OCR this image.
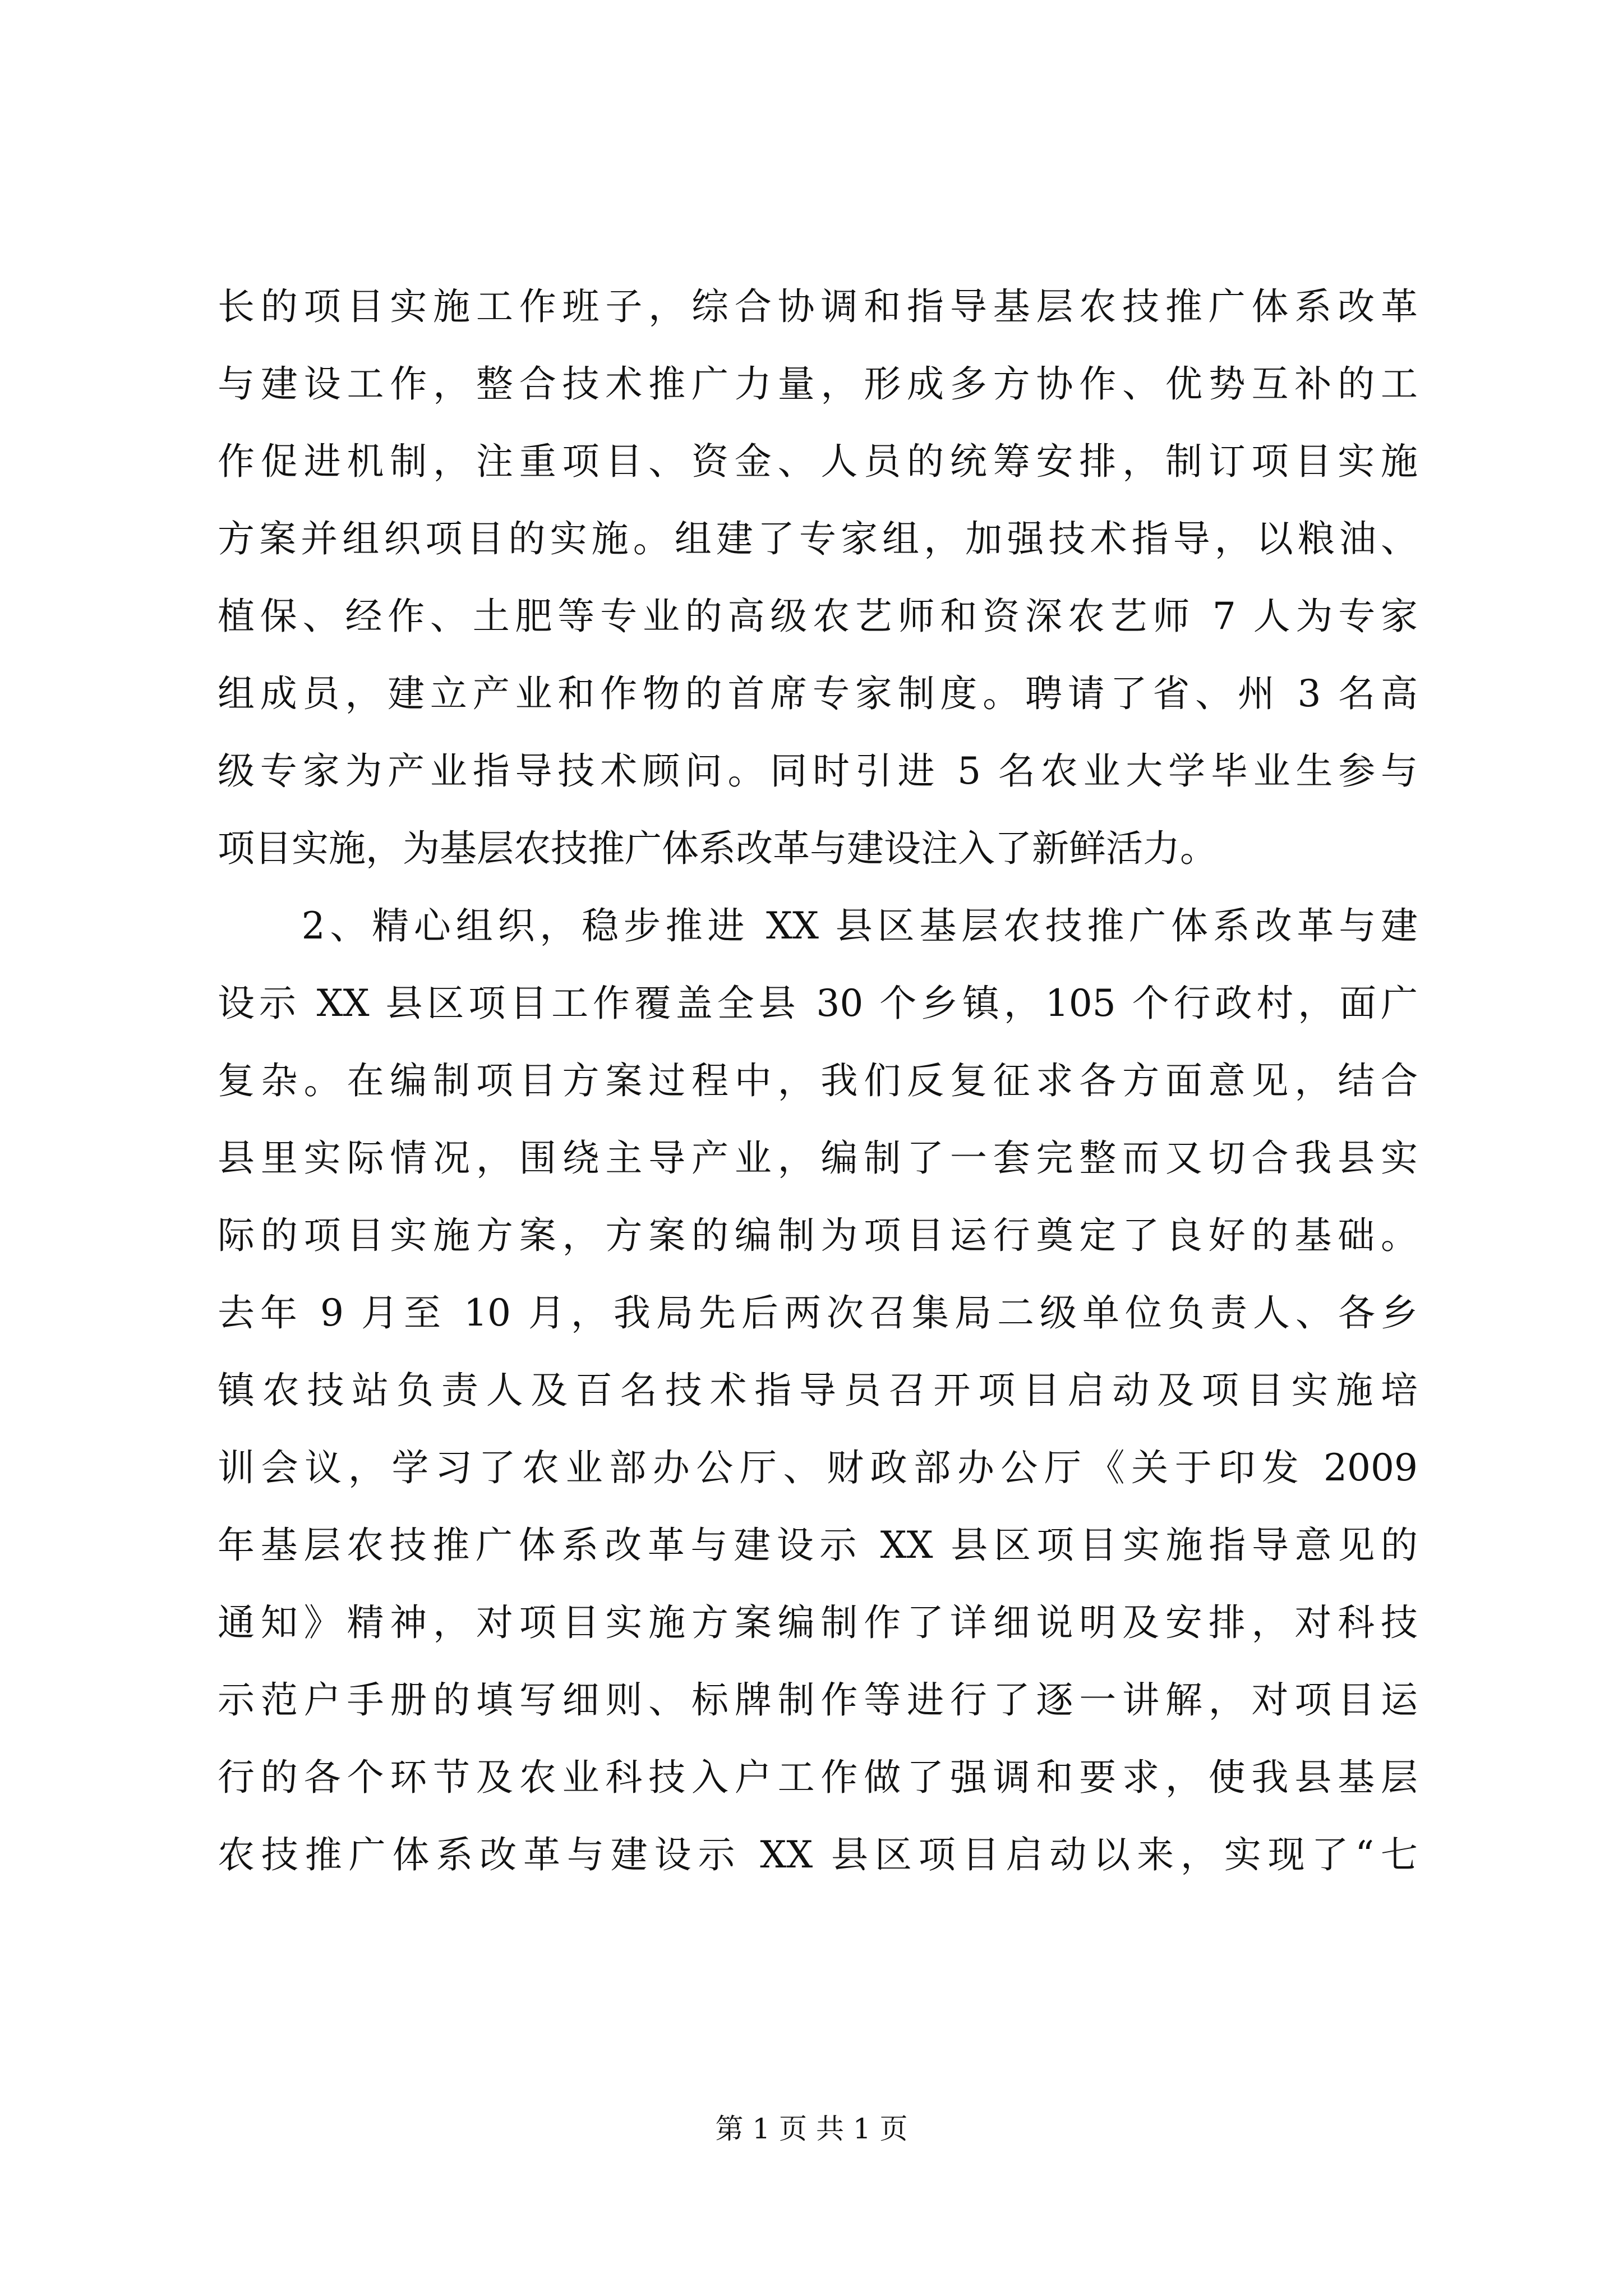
长的项目实施工作班子，综合协调和指导基层农技推广体系改革
与建设工作，整合技术推广力量，形成多方协作、优势互补的工
作促进机制，注重项目、资金、人员的统筹安排，制订项目实施
方案并组织项目的实施。组建了专家组，加强技术指导，以粮油、
植保、经作、土肥等专业的高级农艺师和资深农艺师 7 人为专家
组成员，建立产业和作物的首席专家制度。聘请了省、州 3 名高
级专家为产业指导技术顾问。同时引进 5 名农业大学毕业生参与
项目实施，为基层农技推广体系改革与建设注入了新鲜活力。
　　2、精心组织，稳步推进 XX 县区基层农技推广体系改革与建
设示 XX 县区项目工作覆盖全县 30 个乡镇，105 个行政村，面广
复杂。在编制项目方案过程中，我们反复征求各方面意见，结合
县里实际情况，围绕主导产业，编制了一套完整而又切合我县实
际的项目实施方案，方案的编制为项目运行奠定了良好的基础。
去年 9 月至 10 月，我局先后两次召集局二级单位负责人、各乡
镇农技站负责人及百名技术指导员召开项目启动及项目实施培
训会议，学习了农业部办公厅、财政部办公厅《关于印发 2009
年基层农技推广体系改革与建设示 XX 县区项目实施指导意见的
通知》精神，对项目实施方案编制作了详细说明及安排，对科技
示范户手册的填写细则、标牌制作等进行了逐一讲解，对项目运
行的各个环节及农业科技入户工作做了强调和要求，使我县基层
农技推广体系改革与建设示 XX 县区项目启动以来，实现了“七
第 1 页 共 1 页
